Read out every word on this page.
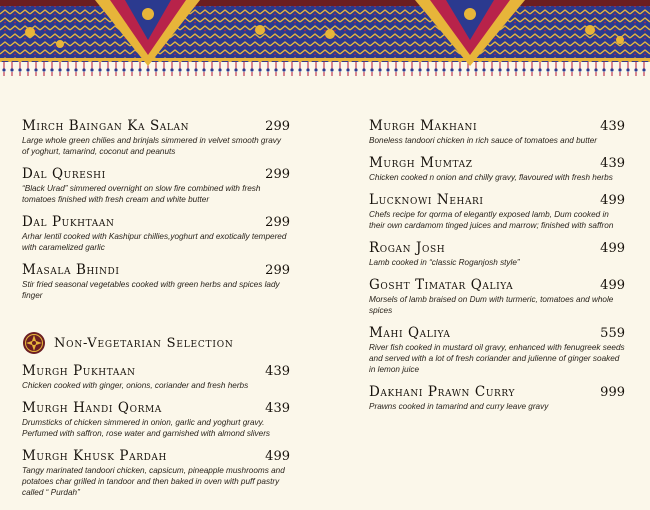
Mirch Baingan Ka Salan	299
Large whole green chilies and brinjals simmered in velvet smooth gravy of yoghurt, tamarind, coconut and peanuts
Dal Qureshi	299
“Black Urad” simmered overnight on slow fire combined with fresh tomatoes finished with fresh cream and white butter
Dal Pukhtaan	299
Arhar lentil cooked with Kashipur chillies,yoghurt and exotically tempered with caramelized garlic
Masala Bhindi	299
Stir fried seasonal vegetables cooked with green herbs and spices lady finger
Non-Vegetarian Selection
Murgh Pukhtaan	439
Chicken cooked with ginger, onions, coriander and fresh herbs
Murgh Handi Qorma	439
Drumsticks of chicken simmered in onion, garlic and yoghurt gravy. Perfumed with saffron, rose water and garnished with almond slivers
Murgh Khusk Pardah	499
Tangy marinated tandoori chicken, capsicum, pineapple mushrooms and potatoes char grilled in tandoor and then baked in oven with puff pastry called “ Purdah”
Murgh Makhani	439
Boneless tandoori chicken in rich sauce of tomatoes and butter
Murgh Mumtaz	439
Chicken cooked n onion and chilly gravy, flavoured with fresh herbs
Lucknowi Nehari	499
Chefs recipe for qorma of elegantly exposed lamb, Dum cooked in their own cardamom tinged juices and marrow; finished with saffron
Rogan Josh	499
Lamb cooked in “classic Roganjosh style”
Gosht Timatar Qaliya	499
Morsels of lamb braised on Dum with turmeric, tomatoes and whole spices
Mahi Qaliya	559
River fish cooked in mustard oil gravy, enhanced with fenugreek seeds and served with a lot of fresh coriander and julienne of ginger soaked in lemon juice
Dakhani Prawn Curry	999
Prawns cooked in tamarind and curry leave gravy
